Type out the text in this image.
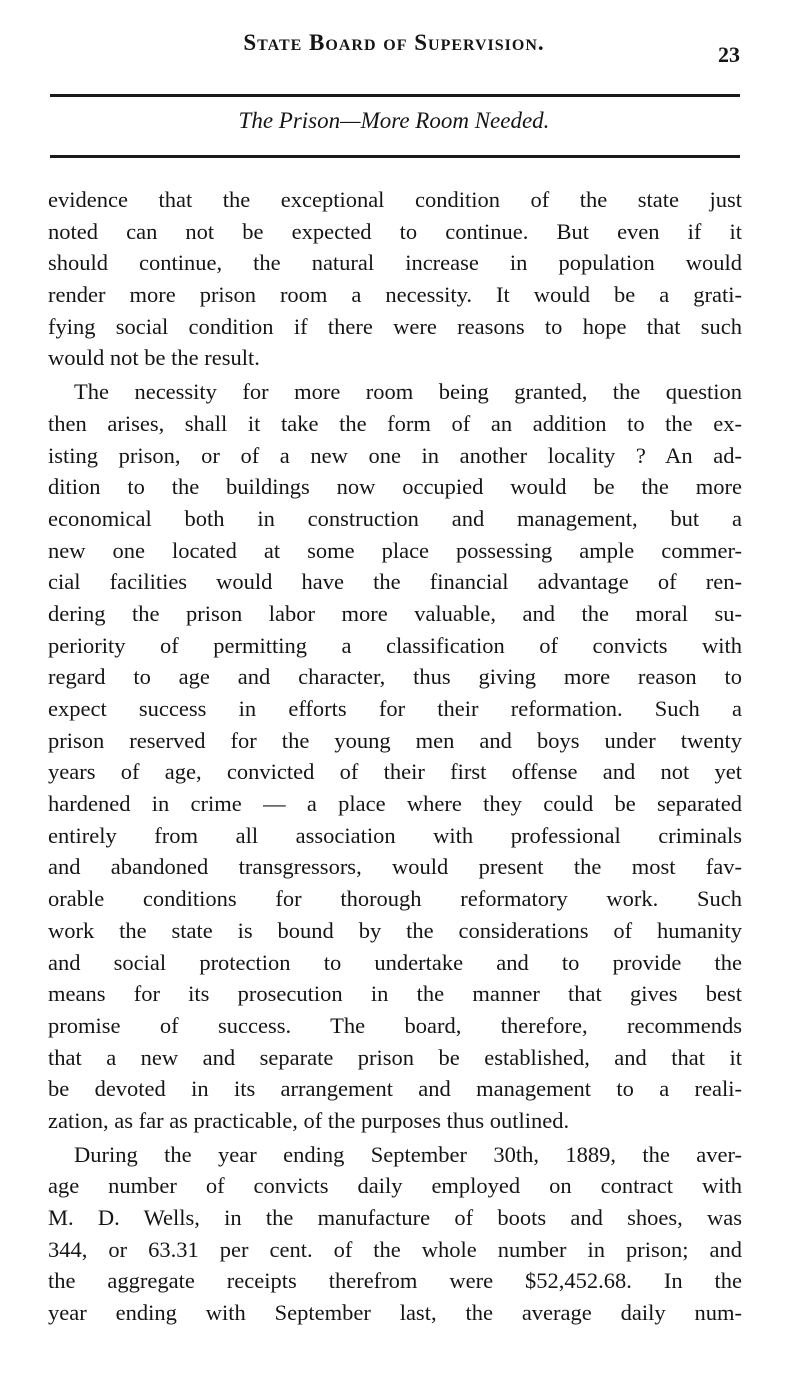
State Board of Supervision.	23
The Prison—More Room Needed.
evidence that the exceptional condition of the state just
noted can not be expected to continue. But even if it
should continue, the natural increase in population would
render more prison room a necessity. It would be a grati-
fying social condition if there were reasons to hope that such
would not be the result.
The necessity for more room being granted, the question
then arises, shall it take the form of an addition to the ex-
isting prison, or of a new one in another locality ? An ad-
dition to the buildings now occupied would be the more
economical both in construction and management, but a
new one located at some place possessing ample commer-
cial facilities would have the financial advantage of ren-
dering the prison labor more valuable, and the moral su-
periority of permitting a classification of convicts with
regard to age and character, thus giving more reason to
expect success in efforts for their reformation. Such a
prison reserved for the young men and boys under twenty
years of age, convicted of their first offense and not yet
hardened in crime — a place where they could be separated
entirely from all association with professional criminals
and abandoned transgressors, would present the most fav-
orable conditions for thorough reformatory work. Such
work the state is bound by the considerations of humanity
and social protection to undertake and to provide the
means for its prosecution in the manner that gives best
promise of success. The board, therefore, recommends
that a new and separate prison be established, and that it
be devoted in its arrangement and management to a reali-
zation, as far as practicable, of the purposes thus outlined.
During the year ending September 30th, 1889, the aver-
age number of convicts daily employed on contract with
M. D. Wells, in the manufacture of boots and shoes, was
344, or 63.31 per cent. of the whole number in prison; and
the aggregate receipts therefrom were $52,452.68. In the
year ending with September last, the average daily num-
